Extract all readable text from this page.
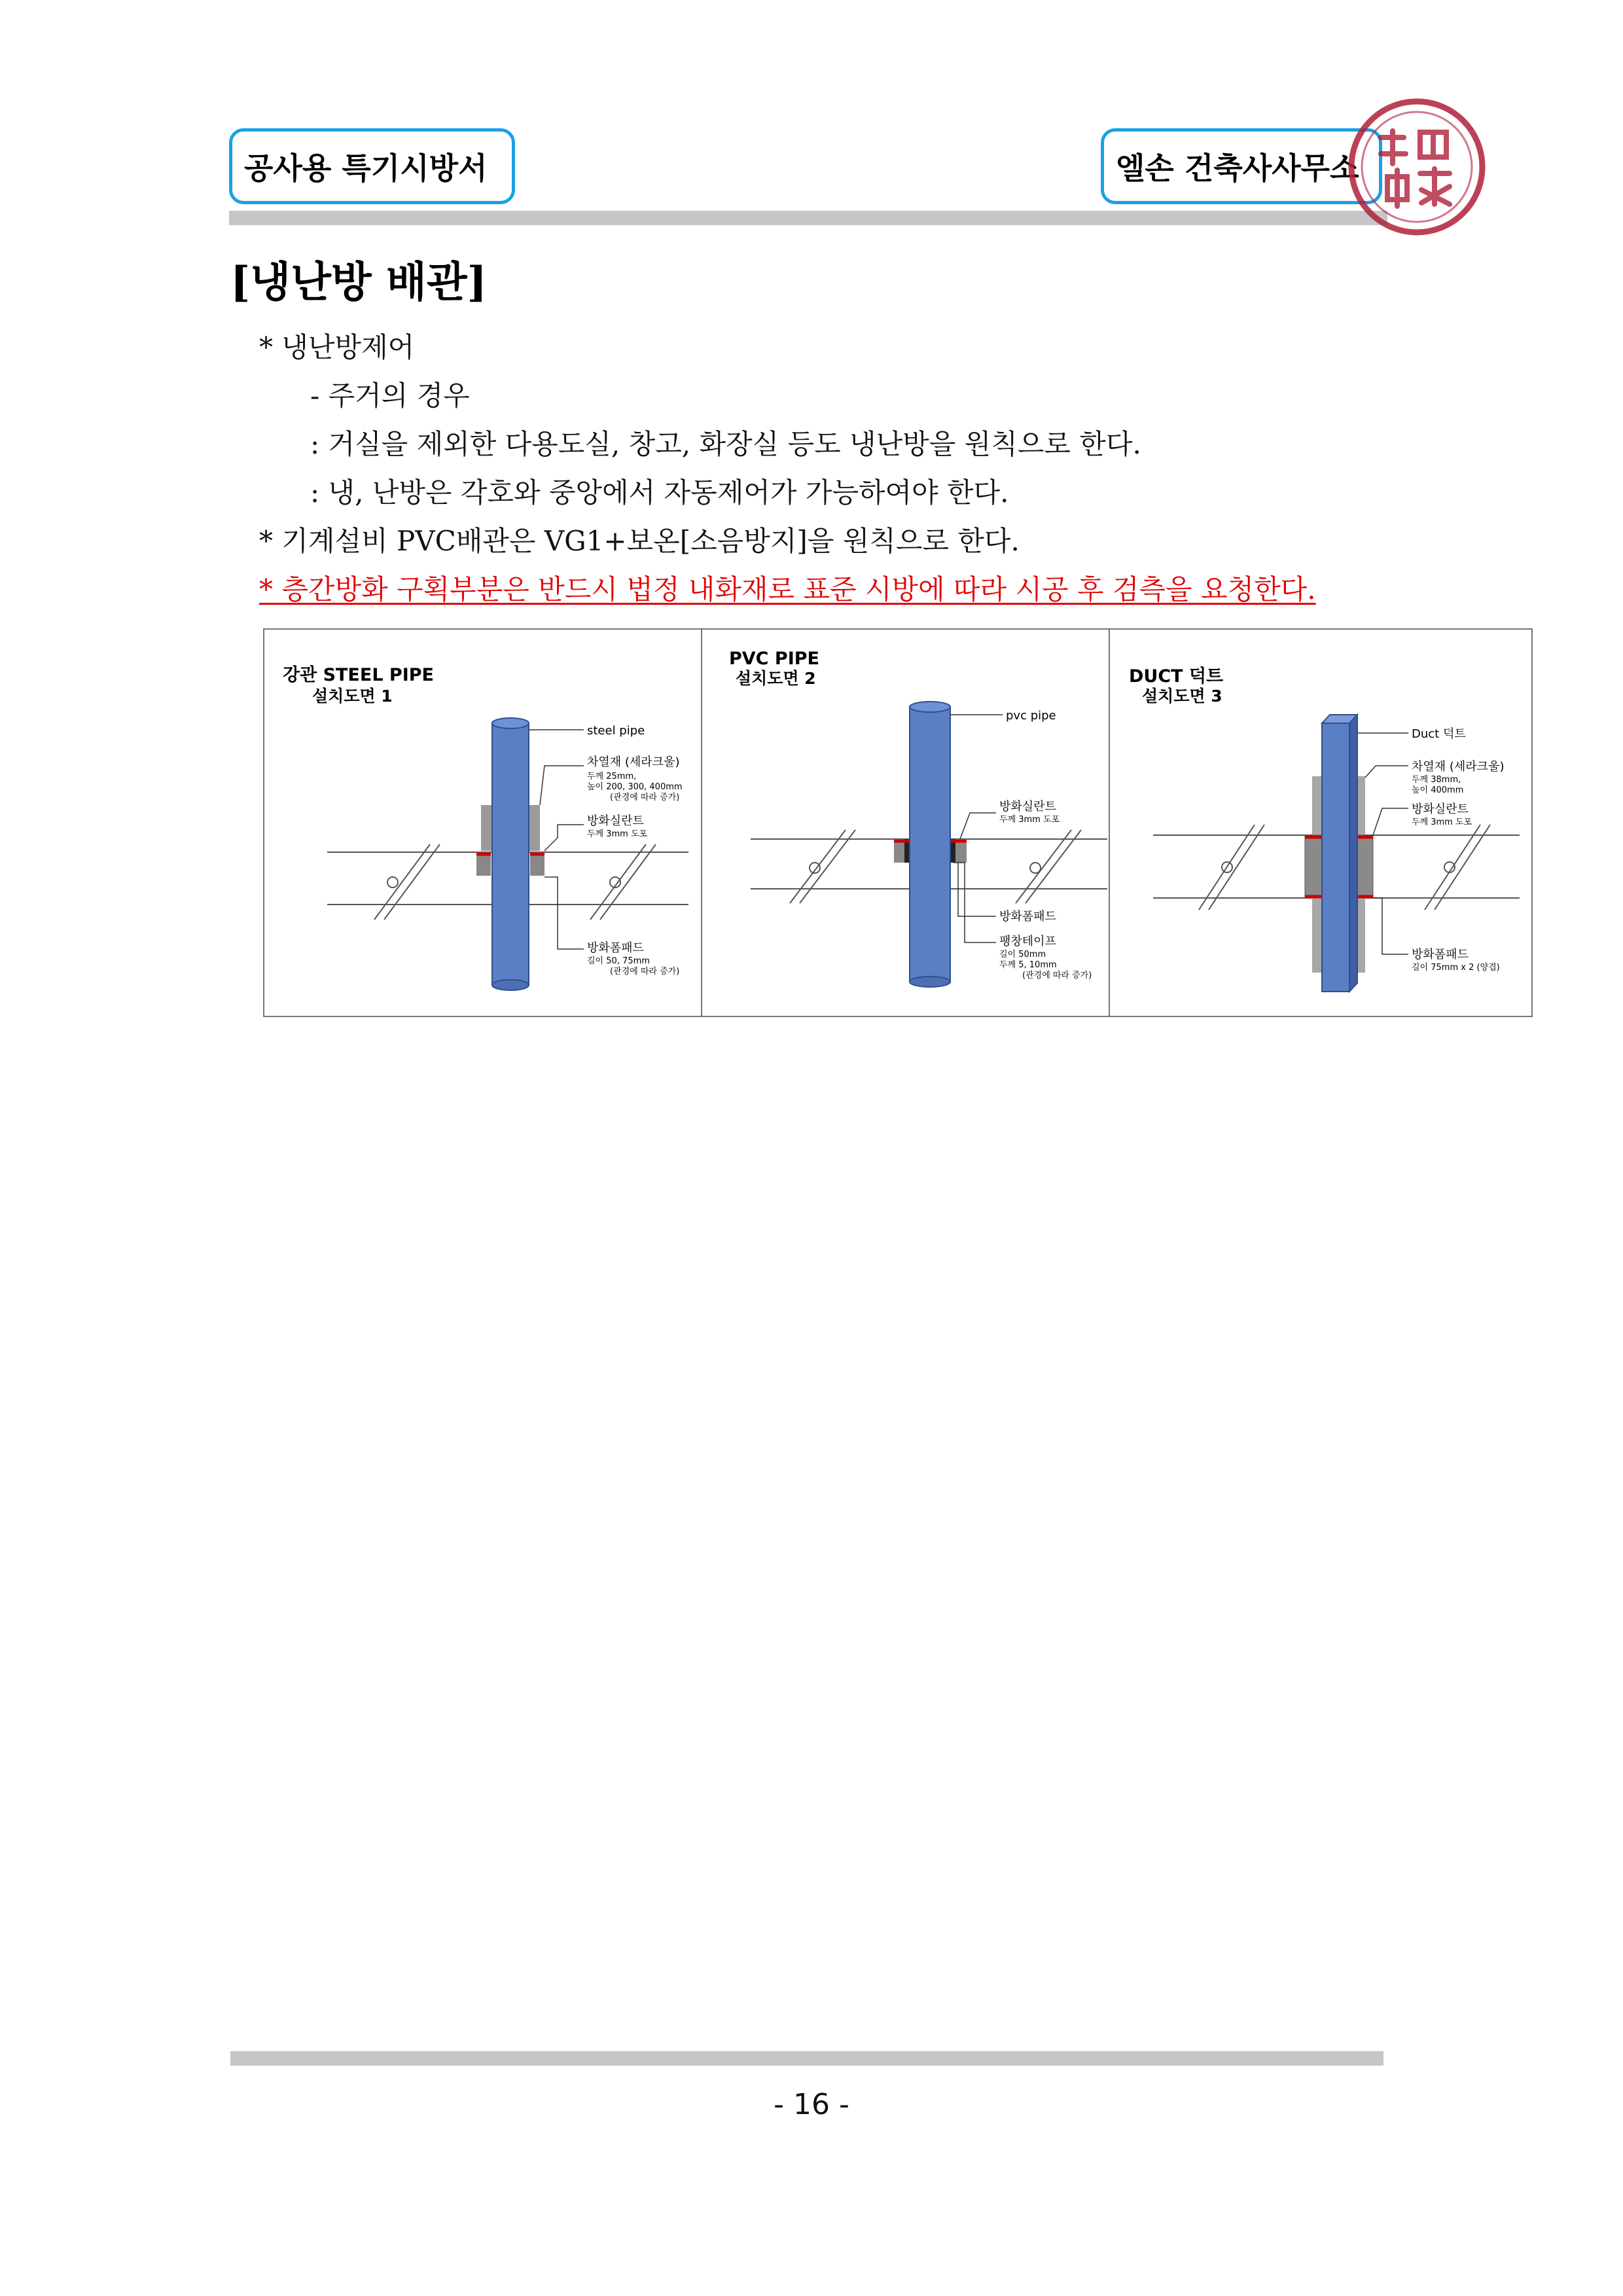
공사용 특기시방서	엘손 건축사사무소
[냉난방 배관]
* 냉난방제어
- 주거의 경우
: 거실을 제외한 다용도실, 창고, 화장실 등도 냉난방을 원칙으로 한다.
: 냉, 난방은 각호와 중앙에서 자동제어가 가능하여야 한다.
* 기계설비 PVC배관은 VG1+보온[소음방지]을 원칙으로 한다.
* 층간방화 구획부분은 반드시 법정 내화재로 표준 시방에 따라 시공 후 검측을 요청한다.
강관 STEEL PIPE
설치도면 1
steel pipe
차열재 (세라크울)
두께 25mm,
높이 200, 300, 400mm
(관경에 따라 증가)
방화실란트
두께 3mm 도포
방화폼패드
길이 50, 75mm
(관경에 따라 증가)
PVC PIPE
설치도면 2
pvc pipe
방화실란트
두께 3mm 도포
방화폼패드
팽창테이프
길이 50mm
두께 5, 10mm
(관경에 따라 증가)
DUCT 덕트
설치도면 3
Duct 덕트
차열재 (세라크울)
두께 38mm,
높이 400mm
방화실란트
두께 3mm 도포
방화폼패드
길이 75mm x 2 (양겹)
- 16 -
